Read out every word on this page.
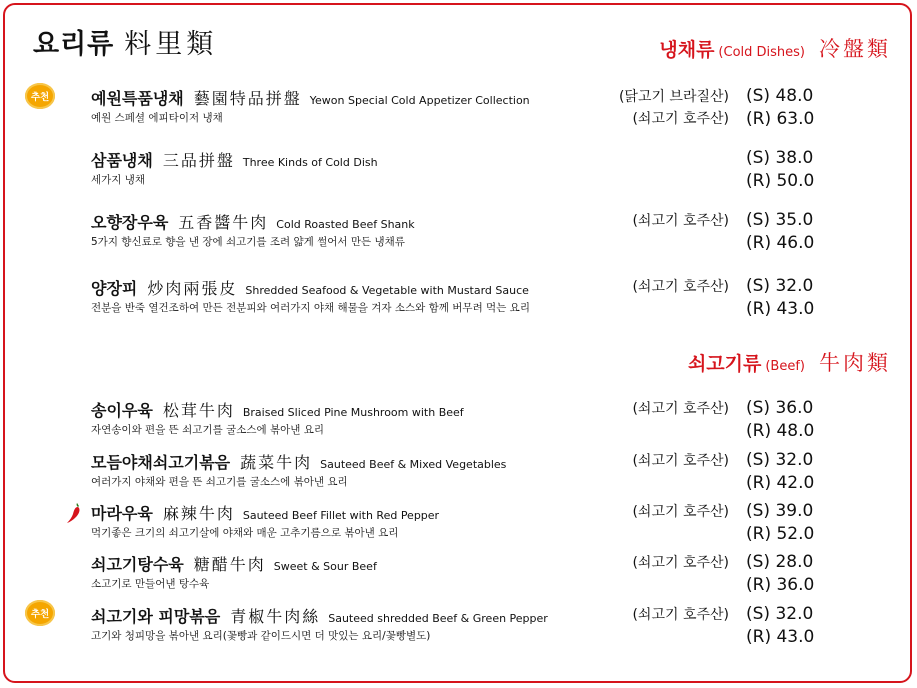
요리류 料里類	냉채류 (Cold Dishes) 冷盤類
추천	예원특품냉채 藝園特品拼盤 Yewon Special Cold Appetizer Collection
예원 스페셜 에피타이저 냉채
(닭고기 브라질산)
(쇠고기 호주산)
(S) 48.0
(R) 63.0
삼품냉채 三品拼盤 Three Kinds of Cold Dish
세가지 냉채
(S) 38.0
(R) 50.0
오향장우육 五香醬牛肉 Cold Roasted Beef Shank
5가지 향신료로 향을 낸 장에 쇠고기를 조려 얇게 썰어서 만든 냉채류
(쇠고기 호주산) (S) 35.0
(R) 46.0
양장피 炒肉兩張皮 Shredded Seafood & Vegetable with Mustard Sauce
전분을 반죽 열건조하여 만든 전분피와 여러가지 야채 해물을 겨자 소스와 함께 버무려 먹는 요리
(쇠고기 호주산) (S) 32.0
(R) 43.0
쇠고기류 (Beef) 牛肉類
송이우육 松茸牛肉 Braised Sliced Pine Mushroom with Beef
자연송이와 편을 뜬 쇠고기를 굴소스에 볶아낸 요리
(쇠고기 호주산) (S) 36.0
(R) 48.0
모듬야채쇠고기볶음 蔬菜牛肉 Sauteed Beef & Mixed Vegetables
여러가지 야채와 편을 뜬 쇠고기를 굴소스에 볶아낸 요리
(쇠고기 호주산) (S) 32.0
(R) 42.0
마라우육 麻辣牛肉 Sauteed Beef Fillet with Red Pepper
먹기좋은 크기의 쇠고기살에 야채와 매운 고추기름으로 볶아낸 요리
(쇠고기 호주산) (S) 39.0
(R) 52.0
쇠고기탕수육 糖醋牛肉 Sweet & Sour Beef
소고기로 만들어낸 탕수육
(쇠고기 호주산) (S) 28.0
(R) 36.0
추천	쇠고기와 피망볶음 青椒牛肉絲 Sauteed shredded Beef & Green Pepper
고기와 청피망을 볶아낸 요리(꽃빵과 같이드시면 더 맛있는 요리/꽃빵별도)
(쇠고기 호주산) (S) 32.0
(R) 43.0
